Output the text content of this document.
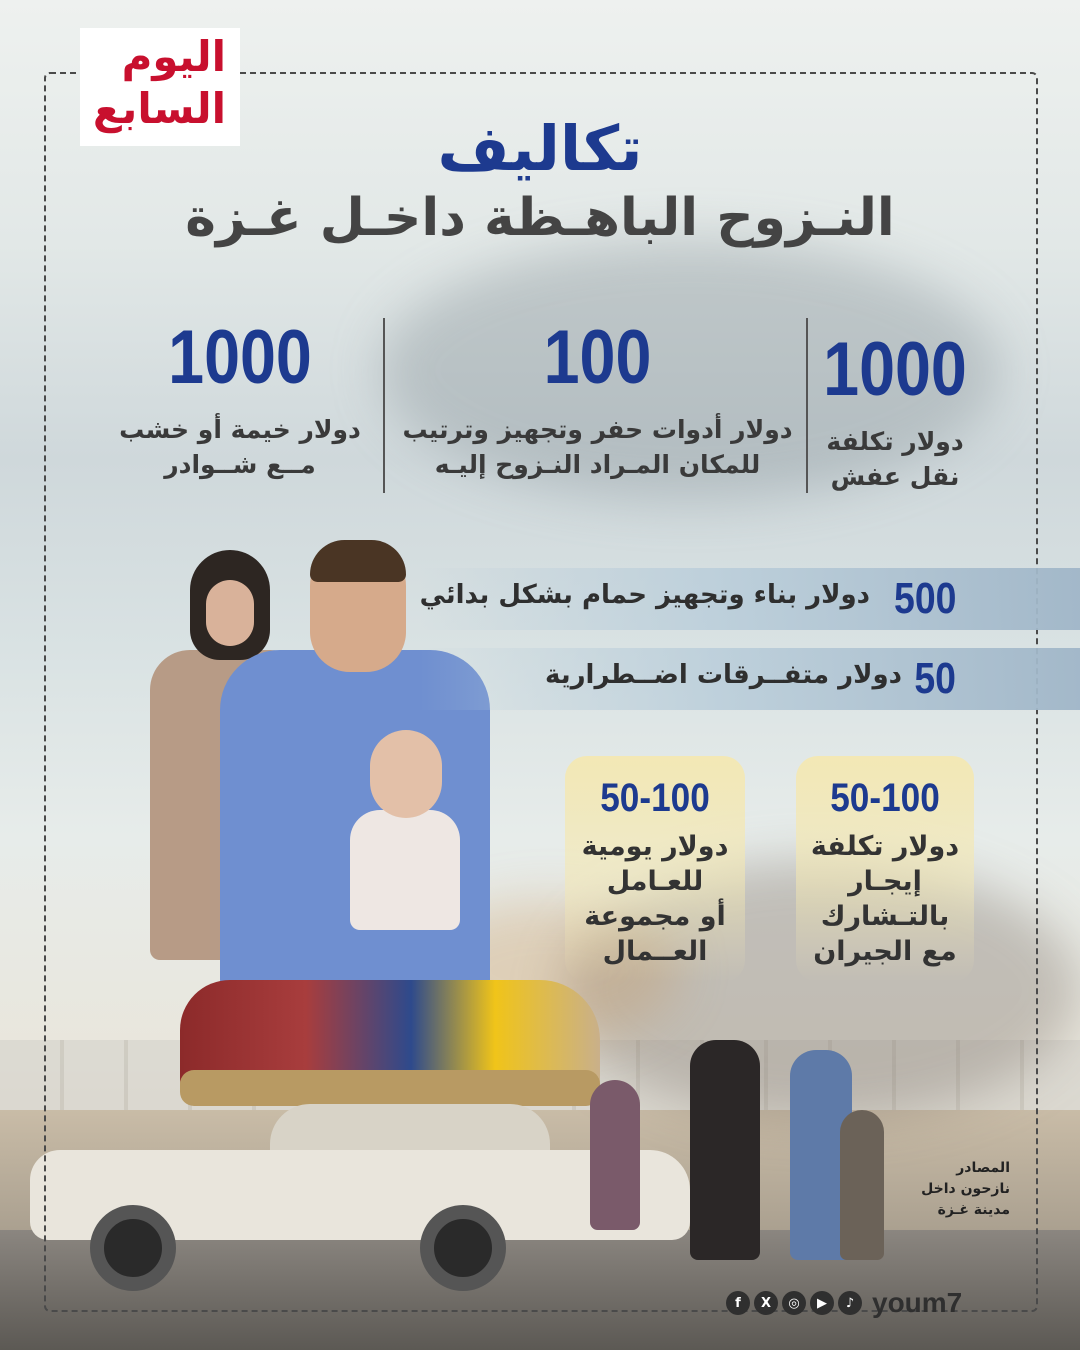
اليوم
السابع
تكاليف
النـزوح الباهـظة داخـل غـزة
1000
دولار تكلفة
نقل عفش
100
دولار أدوات حفر وتجهيز وترتيب
للمكان المـراد النـزوح إليـه
1000
دولار خيمة أو خشب
مــع شــوادر
500
دولار بناء وتجهيز حمام بشكل بدائي
50
دولار متفــرقات اضــطرارية
50-100
دولار تكلفة
إيجـار
بالتـشارك
مع الجيران
50-100
دولار يومية
للعـامل
أو مجموعة
العــمال
المصادر
نازحون داخل
مدينة غـزة
f	X	◎	▶	♪ youm7
